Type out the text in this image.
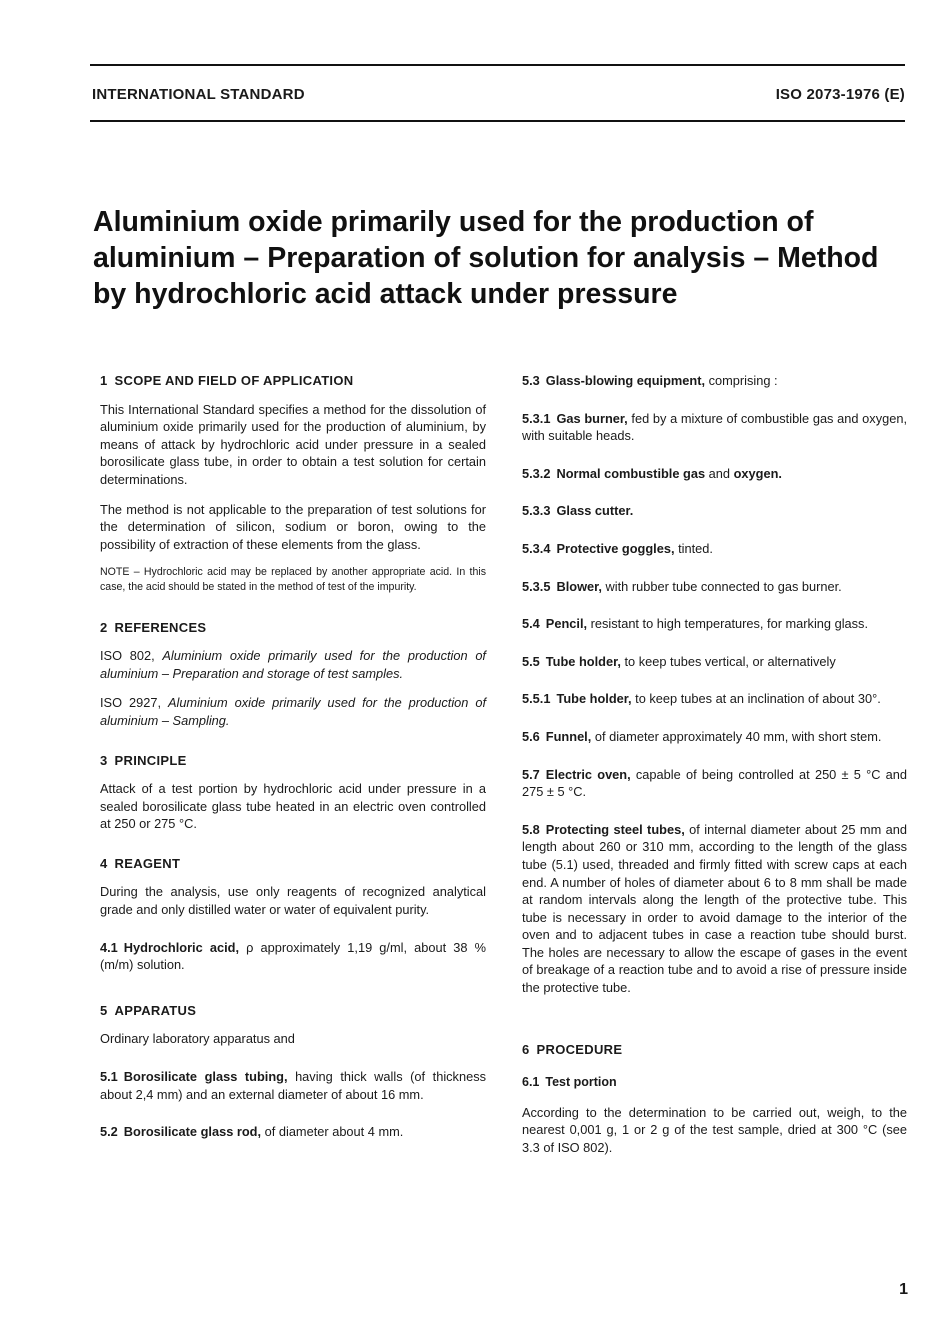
INTERNATIONAL STANDARD	ISO 2073-1976 (E)
Aluminium oxide primarily used for the production of aluminium – Preparation of solution for analysis – Method by hydrochloric acid attack under pressure
1 SCOPE AND FIELD OF APPLICATION

This International Standard specifies a method for the dissolution of aluminium oxide primarily used for the production of aluminium, by means of attack by hydrochloric acid under pressure in a sealed borosilicate glass tube, in order to obtain a test solution for certain determinations.

The method is not applicable to the preparation of test solutions for the determination of silicon, sodium or boron, owing to the possibility of extraction of these elements from the glass.

NOTE – Hydrochloric acid may be replaced by another appropriate acid. In this case, the acid should be stated in the method of test of the impurity.
2 REFERENCES
ISO 802, Aluminium oxide primarily used for the production of aluminium – Preparation and storage of test samples.
ISO 2927, Aluminium oxide primarily used for the production of aluminium – Sampling.
3 PRINCIPLE

Attack of a test portion by hydrochloric acid under pressure in a sealed borosilicate glass tube heated in an electric oven controlled at 250 or 275 °C.

4 REAGENT

During the analysis, use only reagents of recognized analytical grade and only distilled water or water of equivalent purity.

4.1 Hydrochloric acid, ρ approximately 1,19 g/ml, about 38 % (m/m) solution.
5 APPARATUS

Ordinary laboratory apparatus and

5.1 Borosilicate glass tubing, having thick walls (of thickness about 2,4 mm) and an external diameter of about 16 mm.
5.2 Borosilicate glass rod, of diameter about 4 mm.
5.3 Glass-blowing equipment, comprising :
5.3.1 Gas burner, fed by a mixture of combustible gas and oxygen, with suitable heads.
5.3.2 Normal combustible gas and oxygen.
5.3.3 Glass cutter.
5.3.4 Protective goggles, tinted.
5.3.5 Blower, with rubber tube connected to gas burner.
5.4 Pencil, resistant to high temperatures, for marking glass.
5.5 Tube holder, to keep tubes vertical, or alternatively
5.5.1 Tube holder, to keep tubes at an inclination of about 30°.
5.6 Funnel, of diameter approximately 40 mm, with short stem.
5.7 Electric oven, capable of being controlled at 250 ± 5 °C and 275 ± 5 °C.
5.8 Protecting steel tubes, of internal diameter about 25 mm and length about 260 or 310 mm, according to the length of the glass tube (5.1) used, threaded and firmly fitted with screw caps at each end. A number of holes of diameter about 6 to 8 mm shall be made at random intervals along the length of the protective tube. This tube is necessary in order to avoid damage to the interior of the oven and to adjacent tubes in case a reaction tube should burst. The holes are necessary to allow the escape of gases in the event of breakage of a reaction tube and to avoid a rise of pressure inside the protective tube.
6 PROCEDURE
6.1 Test portion

According to the determination to be carried out, weigh, to the nearest 0,001 g, 1 or 2 g of the test sample, dried at 300 °C (see 3.3 of ISO 802).

1
